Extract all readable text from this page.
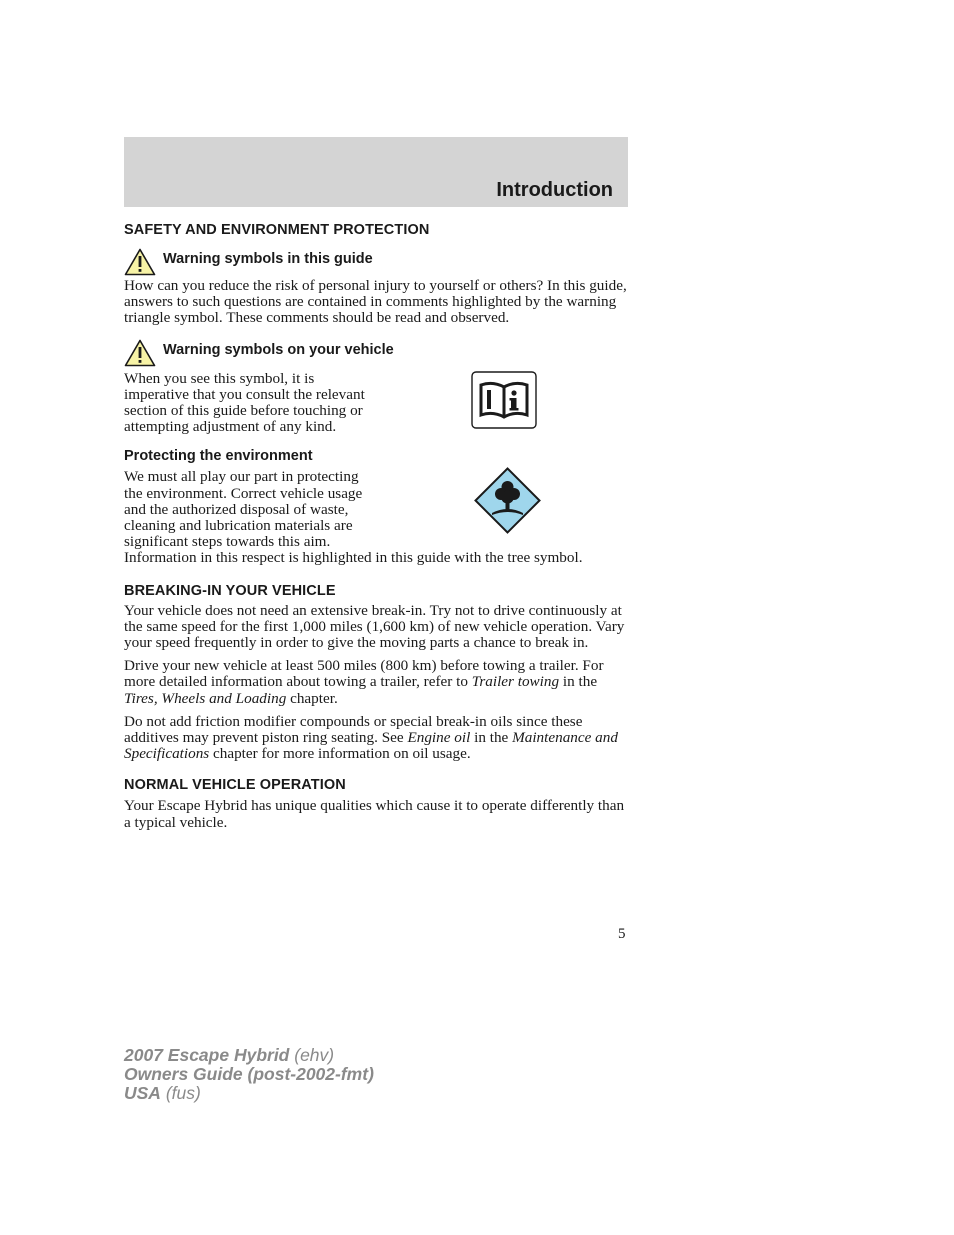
Introduction
SAFETY AND ENVIRONMENT PROTECTION
Warning symbols in this guide

How can you reduce the risk of personal injury to yourself or others? In this guide, answers to such questions are contained in comments highlighted by the warning triangle symbol. These comments should be read and observed.

Warning symbols on your vehicle

When you see this symbol, it is imperative that you consult the relevant section of this guide before touching or attempting adjustment of any kind.

Protecting the environment

We must all play our part in protecting the environment. Correct vehicle usage and the authorized disposal of waste, cleaning and lubrication materials are significant steps towards this aim. Information in this respect is highlighted in this guide with the tree symbol.

BREAKING-IN YOUR VEHICLE

Your vehicle does not need an extensive break-in. Try not to drive continuously at the same speed for the first 1,000 miles (1,600 km) of new vehicle operation. Vary your speed frequently in order to give the moving parts a chance to break in.

Drive your new vehicle at least 500 miles (800 km) before towing a trailer. For more detailed information about towing a trailer, refer to Trailer towing in the Tires, Wheels and Loading chapter.

Do not add friction modifier compounds or special break-in oils since these additives may prevent piston ring seating. See Engine oil in the Maintenance and Specifications chapter for more information on oil usage.

NORMAL VEHICLE OPERATION

Your Escape Hybrid has unique qualities which cause it to operate differently than a typical vehicle.

5
2007 Escape Hybrid (ehv)
Owners Guide (post-2002-fmt)
USA (fus)
